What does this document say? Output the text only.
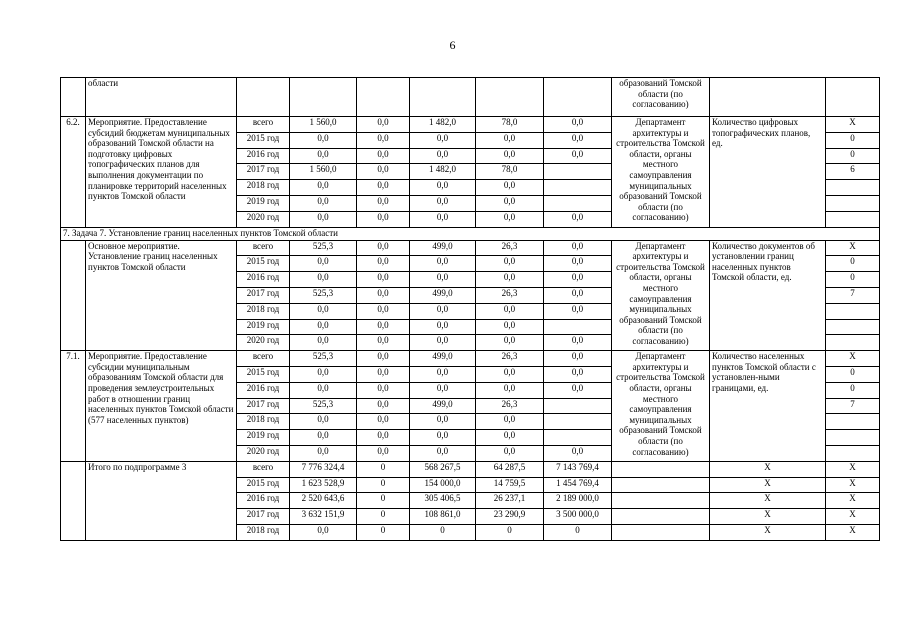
6
	области							образований Томской области (по согласованию)		
6.2.	Мероприятие. Предоставление субсидий бюджетам муниципальных образований Томской области на подготовку цифровых топографических планов для выполнения документации по планировке территорий населенных пунктов Томской области	всего	1 560,0	0,0	1 482,0	78,0	0,0	Департамент архитектуры и строительства Томской области, органы местного самоуправления муниципальных образований Томской области (по согласованию)	Количество цифровых топографических планов, ед.	Х
		2015 год	0,0	0,0	0,0	0,0	0,0			0
		2016 год	0,0	0,0	0,0	0,0	0,0			0
		2017 год	1 560,0	0,0	1 482,0	78,0				6
		2018 год	0,0	0,0	0,0	0,0				
		2019 год	0,0	0,0	0,0	0,0				
		2020 год	0,0	0,0	0,0	0,0	0,0			
7. Задача 7. Установление границ населенных пунктов Томской области										
	Основное мероприятие. Установление границ населенных пунктов Томской области	всего	525,3	0,0	499,0	26,3	0,0	Департамент архитектуры и строительства Томской области, органы местного самоуправления муниципальных образований Томской области (по согласованию)	Количество документов об установлении границ населенных пунктов Томской области, ед.	Х
		2015 год	0,0	0,0	0,0	0,0	0,0			0
		2016 год	0,0	0,0	0,0	0,0	0,0			0
		2017 год	525,3	0,0	499,0	26,3	0,0			7
		2018 год	0,0	0,0	0,0	0,0	0,0			
		2019 год	0,0	0,0	0,0	0,0				
		2020 год	0,0	0,0	0,0	0,0	0,0			
7.1.	Мероприятие. Предоставление субсидии муниципальным образованиям Томской области для проведения землеустроительных работ в отношении границ населенных пунктов Томской области (577 населенных пунктов)	всего	525,3	0,0	499,0	26,3	0,0	Департамент архитектуры и строительства Томской области, органы местного самоуправления муниципальных образований Томской области (по согласованию)	Количество населенных пунктов Томской области с установлен-ными границами, ед.	Х
		2015 год	0,0	0,0	0,0	0,0	0,0			0
		2016 год	0,0	0,0	0,0	0,0	0,0			0
		2017 год	525,3	0,0	499,0	26,3				7
		2018 год	0,0	0,0	0,0	0,0				
		2019 год	0,0	0,0	0,0	0,0				
		2020 год	0,0	0,0	0,0	0,0	0,0			
	Итого по подпрограмме 3	всего	7 776 324,4	0	568 267,5	64 287,5	7 143 769,4		Х	Х
		2015 год	1 623 528,9	0	154 000,0	14 759,5	1 454 769,4		Х	Х
		2016 год	2 520 643,6	0	305 406,5	26 237,1	2 189 000,0		Х	Х
		2017 год	3 632 151,9	0	108 861,0	23 290,9	3 500 000,0		Х	Х
		2018 год	0,0	0	0	0	0		Х	Х
